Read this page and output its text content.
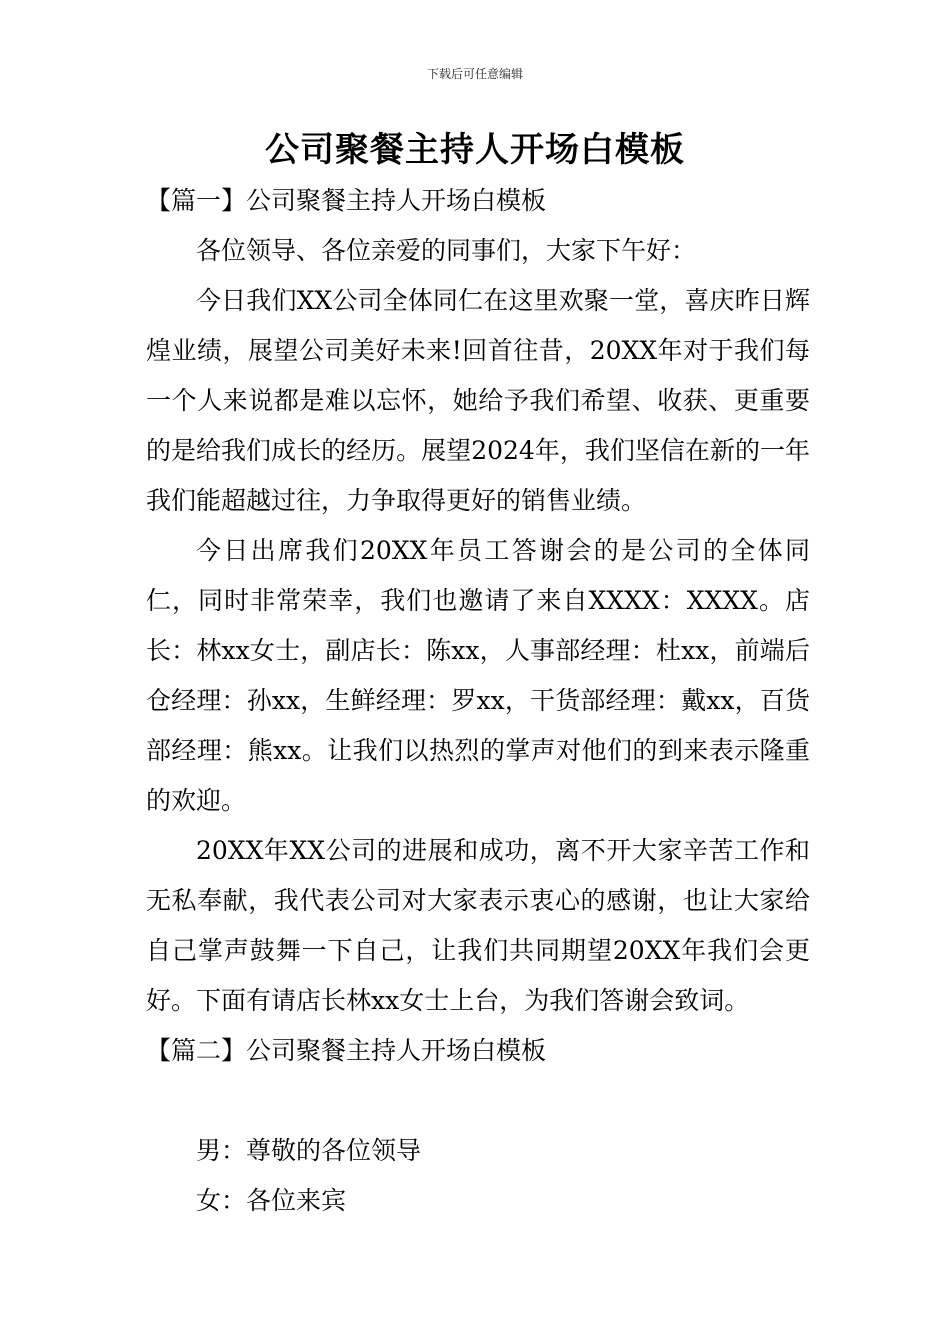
下载后可任意编辑
公司聚餐主持人开场白模板

【篇一】公司聚餐主持人开场白模板

各位领导、各位亲爱的同事们，大家下午好：

今日我们XX公司全体同仁在这里欢聚一堂，喜庆昨日辉煌业绩，展望公司美好未来!回首往昔，20XX年对于我们每一个人来说都是难以忘怀，她给予我们希望、收获、更重要的是给我们成长的经历。展望2024年，我们坚信在新的一年我们能超越过往，力争取得更好的销售业绩。

今日出席我们20XX年员工答谢会的是公司的全体同仁，同时非常荣幸，我们也邀请了来自XXXX：XXXX。店长：林xx女士，副店长：陈xx，人事部经理：杜xx，前端后仓经理：孙xx，生鲜经理：罗xx，干货部经理：戴xx，百货部经理：熊xx。让我们以热烈的掌声对他们的到来表示隆重的欢迎。

20XX年XX公司的进展和成功，离不开大家辛苦工作和无私奉献，我代表公司对大家表示衷心的感谢，也让大家给自己掌声鼓舞一下自己，让我们共同期望20XX年我们会更好。下面有请店长林xx女士上台，为我们答谢会致词。

【篇二】公司聚餐主持人开场白模板

男：尊敬的各位领导

女：各位来宾
